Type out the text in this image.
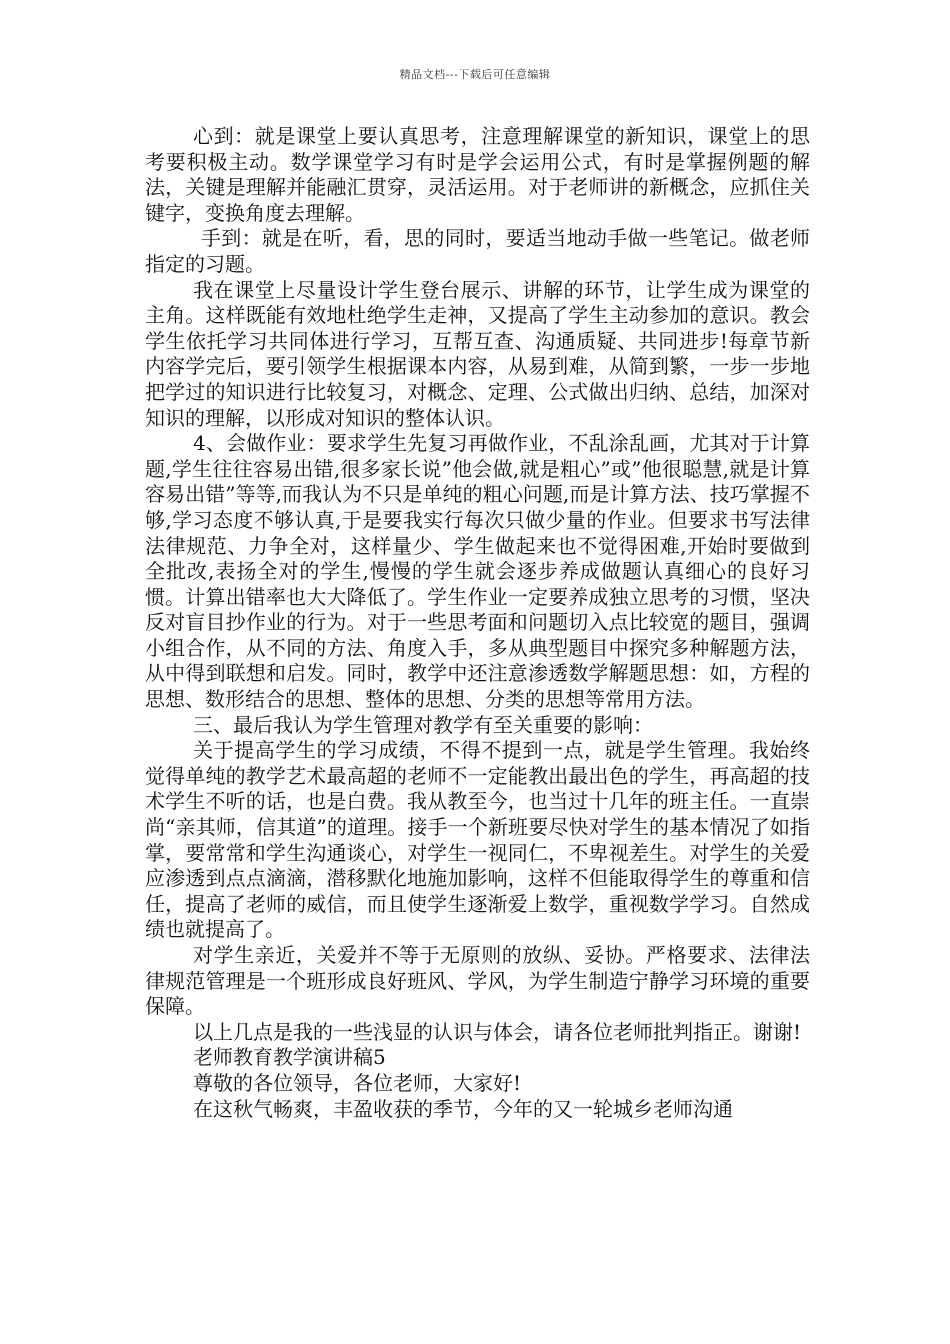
精品文档---下载后可任意编辑

心到：就是课堂上要认真思考，注意理解课堂的新知识，课堂上的思考要积极主动。数学课堂学习有时是学会运用公式，有时是掌握例题的解法，关键是理解并能融汇贯穿，灵活运用。对于老师讲的新概念，应抓住关键字，变换角度去理解。

手到：就是在听，看，思的同时，要适当地动手做一些笔记。做老师指定的习题。

我在课堂上尽量设计学生登台展示、讲解的环节，让学生成为课堂的主角。这样既能有效地杜绝学生走神，又提高了学生主动参加的意识。教会学生依托学习共同体进行学习，互帮互查、沟通质疑、共同进步!每章节新内容学完后，要引领学生根据课本内容，从易到难，从简到繁，一步一步地把学过的知识进行比较复习，对概念、定理、公式做出归纳、总结，加深对知识的理解，以形成对知识的整体认识。

4、会做作业：要求学生先复习再做作业，不乱涂乱画，尤其对于计算题,学生往往容易出错,很多家长说”他会做,就是粗心”或”他很聪慧,就是计算容易出错”等等,而我认为不只是单纯的粗心问题,而是计算方法、技巧掌握不够,学习态度不够认真,于是要我实行每次只做少量的作业。但要求书写法律法律规范、力争全对，这样量少、学生做起来也不觉得困难,开始时要做到全批改,表扬全对的学生,慢慢的学生就会逐步养成做题认真细心的良好习惯。计算出错率也大大降低了。学生作业一定要养成独立思考的习惯，坚决反对盲目抄作业的行为。对于一些思考面和问题切入点比较宽的题目，强调小组合作，从不同的方法、角度入手，多从典型题目中探究多种解题方法，从中得到联想和启发。同时，教学中还注意渗透数学解题思想：如，方程的思想、数形结合的思想、整体的思想、分类的思想等常用方法。

三、最后我认为学生管理对教学有至关重要的影响：

关于提高学生的学习成绩，不得不提到一点，就是学生管理。我始终觉得单纯的教学艺术最高超的老师不一定能教出最出色的学生，再高超的技术学生不听的话，也是白费。我从教至今，也当过十几年的班主任。一直崇尚“亲其师，信其道”的道理。接手一个新班要尽快对学生的基本情况了如指掌，要常常和学生沟通谈心，对学生一视同仁，不卑视差生。对学生的关爱应渗透到点点滴滴，潜移默化地施加影响，这样不但能取得学生的尊重和信任，提高了老师的威信，而且使学生逐渐爱上数学，重视数学学习。自然成绩也就提高了。

对学生亲近，关爱并不等于无原则的放纵、妥协。严格要求、法律法律规范管理是一个班形成良好班风、学风，为学生制造宁静学习环境的重要保障。

以上几点是我的一些浅显的认识与体会，请各位老师批判指正。谢谢!

老师教育教学演讲稿5

尊敬的各位领导，各位老师，大家好!

在这秋气畅爽，丰盈收获的季节，今年的又一轮城乡老师沟通
